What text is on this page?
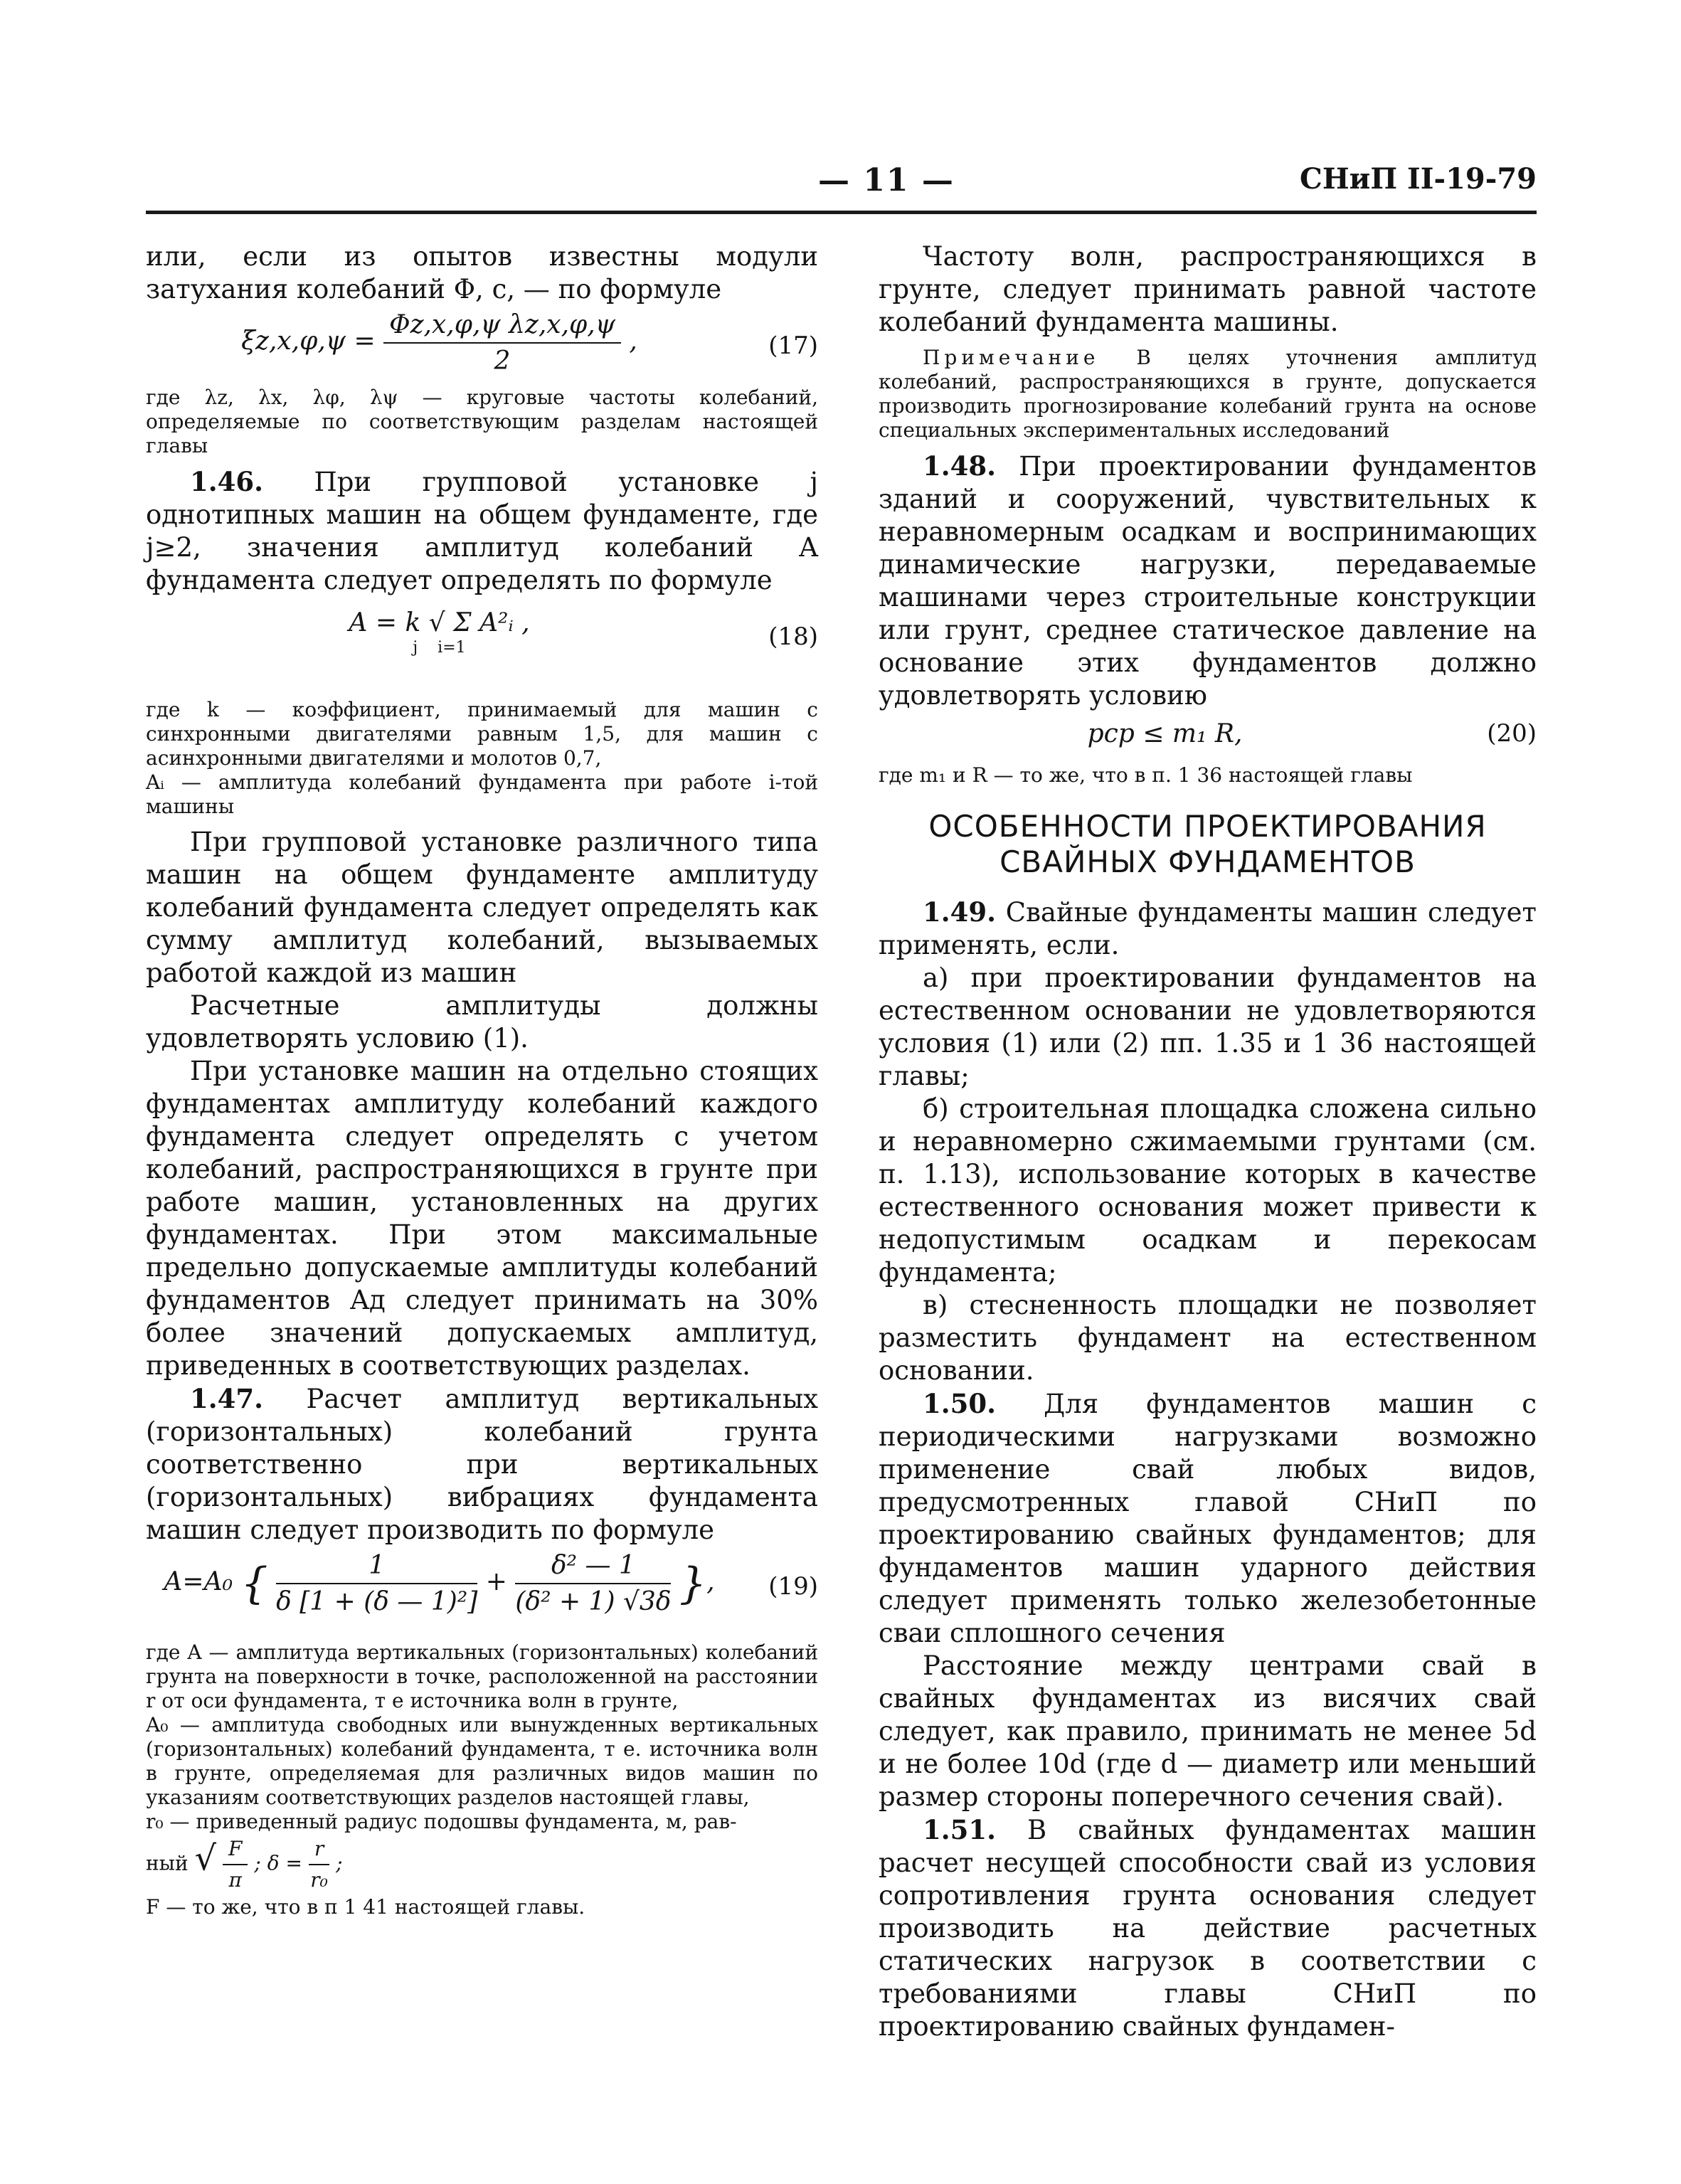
— 11 —	СНиП II-19-79

или, если из опытов известны модули затухания колебаний Φ, с, — по формуле

$\xi z,x,\varphi,\psi = \frac{\text{Φz,x,φ,ψ λz,x,φ,ψ}}{2}$ ,	(17)

где λz, λx, λφ, λψ — круговые частоты колебаний, определяемые по соответствующим разделам настоящей главы

1.46. При групповой установке j однотипных машин на общем фундаменте, где j≥2, значения амплитуд колебаний A фундамента следует определять по формуле

A = k √ Σ A²ᵢ ,
j i=1	(18)

где k — коэффициент, принимаемый для машин с синхронными двигателями равным 1,5, для машин с асинхронными двигателями и молотов 0,7,

Aᵢ — амплитуда колебаний фундамента при работе i-той машины

При групповой установке различного типа машин на общем фундаменте амплитуду колебаний фундамента следует определять как сумму амплитуд колебаний, вызываемых работой каждой из машин

Расчетные амплитуды должны удовлетворять условию (1).

При установке машин на отдельно стоящих фундаментах амплитуду колебаний каждого фундамента следует определять с учетом колебаний, распространяющихся в грунте при работе машин, установленных на других фундаментах. При этом максимальные предельно допускаемые амплитуды колебаний фундаментов Aд следует принимать на 30% более значений допускаемых амплитуд, приведенных в соответствующих разделах.

1.47. Расчет амплитуд вертикальных (горизонтальных) колебаний грунта соответственно при вертикальных (горизонтальных) вибрациях фундамента машин следует производить по формуле

A=A₀ { $\frac{1}{\text{δ [1 + (δ — 1)²]}} + \frac{\text{δ² — 1}}{\text{(δ² + 1) √3δ}}$ },	(19)

где A — амплитуда вертикальных (горизонтальных) колебаний грунта на поверхности в точке, расположенной на расстоянии r от оси фундамента, т е источника волн в грунте,

A₀ — амплитуда свободных или вынужденных вертикальных (горизонтальных) колебаний фундамента, т е. источника волн в грунте, определяемая для различных видов машин по указаниям соответствующих разделов настоящей главы,

r₀ — приведенный радиус подошвы фундамента, м, рав-

ный √ $\frac{F}{\pi}$ ; $\delta = \frac{r}{\text{r₀}}$ ;

F — то же, что в п 1 41 настоящей главы.

Частоту волн, распространяющихся в грунте, следует принимать равной частоте колебаний фундамента машины.

Примечание В целях уточнения амплитуд колебаний, распространяющихся в грунте, допускается производить прогнозирование колебаний грунта на основе специальных экспериментальных исследований

1.48. При проектировании фундаментов зданий и сооружений, чувствительных к неравномерным осадкам и воспринимающих динамические нагрузки, передаваемые машинами через строительные конструкции или грунт, среднее статическое давление на основание этих фундаментов должно удовлетворять условию

pср ≤ m₁ R,	(20)

где m₁ и R — то же, что в п. 1 36 настоящей главы

ОСОБЕННОСТИ ПРОЕКТИРОВАНИЯ
СВАЙНЫХ ФУНДАМЕНТОВ

1.49. Свайные фундаменты машин следует применять, если.

а) при проектировании фундаментов на естественном основании не удовлетворяются условия (1) или (2) пп. 1.35 и 1 36 настоящей главы;

б) строительная площадка сложена сильно и неравномерно сжимаемыми грунтами (см. п. 1.13), использование которых в качестве естественного основания может привести к недопустимым осадкам и перекосам фундамента;

в) стесненность площадки не позволяет разместить фундамент на естественном основании.

1.50. Для фундаментов машин с периодическими нагрузками возможно применение свай любых видов, предусмотренных главой СНиП по проектированию свайных фундаментов; для фундаментов машин ударного действия следует применять только железобетонные сваи сплошного сечения

Расстояние между центрами свай в свайных фундаментах из висячих свай следует, как правило, принимать не менее 5d и не более 10d (где d — диаметр или меньший размер стороны поперечного сечения свай).

1.51. В свайных фундаментах машин расчет несущей способности свай из условия сопротивления грунта основания следует производить на действие расчетных статических нагрузок в соответствии с требованиями главы СНиП по проектированию свайных фундамен-
